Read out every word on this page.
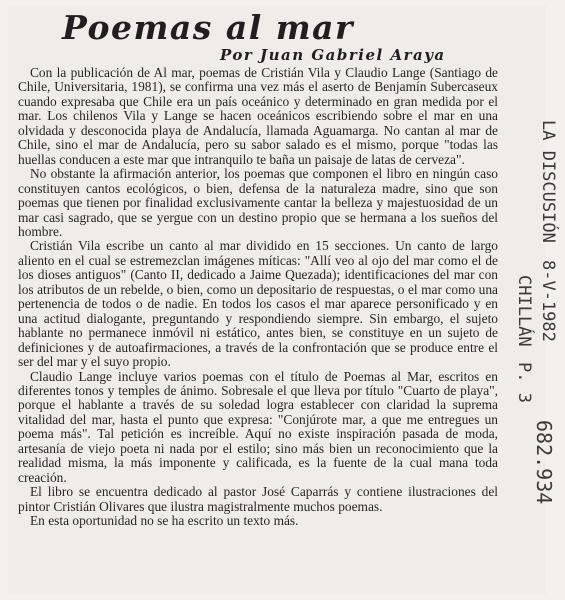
Poemas al mar
Por Juan Gabriel Araya

Con la publicación de Al mar, poemas de Cristián Vila y Claudio Lange (Santiago de Chile, Universitaria, 1981), se confirma una vez más el aserto de Benjamín Subercaseux cuando expresaba que Chile era un país oceánico y determinado en gran medida por el mar. Los chilenos Vila y Lange se hacen oceánicos escribiendo sobre el mar en una olvidada y desconocida playa de Andalucía, llamada Aguamarga. No cantan al mar de Chile, sino el mar de Andalucía, pero su sabor salado es el mismo, porque "todas las huellas conducen a este mar que intranquilo te baña un paisaje de latas de cerveza".

No obstante la afirmación anterior, los poemas que componen el libro en ningún caso constituyen cantos ecológicos, o bien, defensa de la naturaleza madre, sino que son poemas que tienen por finalidad exclusivamente cantar la belleza y majestuosidad de un mar casi sagrado, que se yergue con un destino propio que se hermana a los sueños del hombre.

Cristián Vila escribe un canto al mar dividido en 15 secciones. Un canto de largo aliento en el cual se estremezclan imágenes míticas: "Allí veo al ojo del mar como el de los dioses antiguos" (Canto II, dedicado a Jaime Quezada); identificaciones del mar con los atributos de un rebelde, o bien, como un depositario de respuestas, o el mar como una pertenencia de todos o de nadie. En todos los casos el mar aparece personificado y en una actitud dialogante, preguntando y respondiendo siempre. Sin embargo, el sujeto hablante no permanece inmóvil ni estático, antes bien, se constituye en un sujeto de definiciones y de autoafirmaciones, a través de la confrontación que se produce entre el ser del mar y el suyo propio.

Claudio Lange incluye varios poemas con el título de Poemas al Mar, escritos en diferentes tonos y temples de ánimo. Sobresale el que lleva por título "Cuarto de playa", porque el hablante a través de su soledad logra establecer con claridad la suprema vitalidad del mar, hasta el punto que expresa: "Conjúrote mar, a que me entregues un poema más". Tal petición es increíble. Aquí no existe inspiración pasada de moda, artesanía de viejo poeta ni nada por el estilo; sino más bien un reconocimiento que la realidad misma, la más imponente y calificada, es la fuente de la cual mana toda creación.

El libro se encuentra dedicado al pastor José Caparrás y contiene ilustraciones del pintor Cristián Olivares que ilustra magistralmente muchos poemas.

En esta oportunidad no se ha escrito un texto más.

LA DISCUSIÓN
8-V-1982
CHILLÁN
P. 3
682.934
